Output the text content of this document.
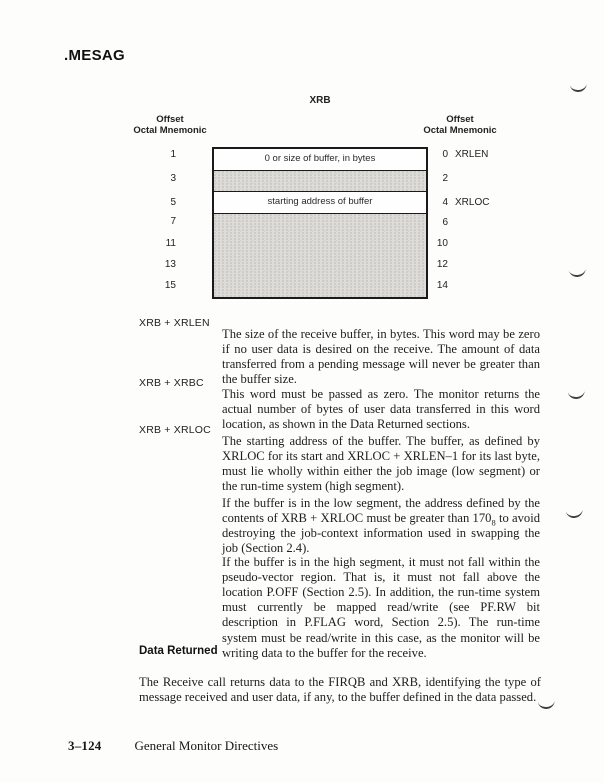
.MESAG
XRB
Offset
Octal Mnemonic
Offset
Octal Mnemonic
0 or size of buffer, in bytes
starting address of buffer
1
3
5
7
11
13
15
0 XRLEN
2
4 XRLOC
6
10
12
14
XRB + XRLEN

The size of the receive buffer, in bytes. This word may be zero if no user data is desired on the receive. The amount of data transferred from a pending message will never be greater than the buffer size.

XRB + XRBC

This word must be passed as zero. The monitor returns the actual number of bytes of user data transferred in this word location, as shown in the Data Returned sections.

XRB + XRLOC

The starting address of the buffer. The buffer, as defined by XRLOC for its start and XRLOC + XRLEN–1 for its last byte, must lie wholly within either the job image (low segment) or the run-time system (high segment).

If the buffer is in the low segment, the address defined by the contents of XRB + XRLOC must be greater than $170_8$ to avoid destroying the job-context information used in swapping the job (Section 2.4).

If the buffer is in the high segment, it must not fall within the pseudo-vector region. That is, it must not fall above the location P.OFF (Section 2.5). In addition, the run-time system must currently be mapped read/write (see PF.RW bit description in P.FLAG word, Section 2.5). The run-time system must be read/write in this case, as the monitor will be writing data to the buffer for the receive.

Data Returned

The Receive call returns data to the FIRQB and XRB, identifying the type of message received and user data, if any, to the buffer defined in the data passed.

3–124	General Monitor Directives
